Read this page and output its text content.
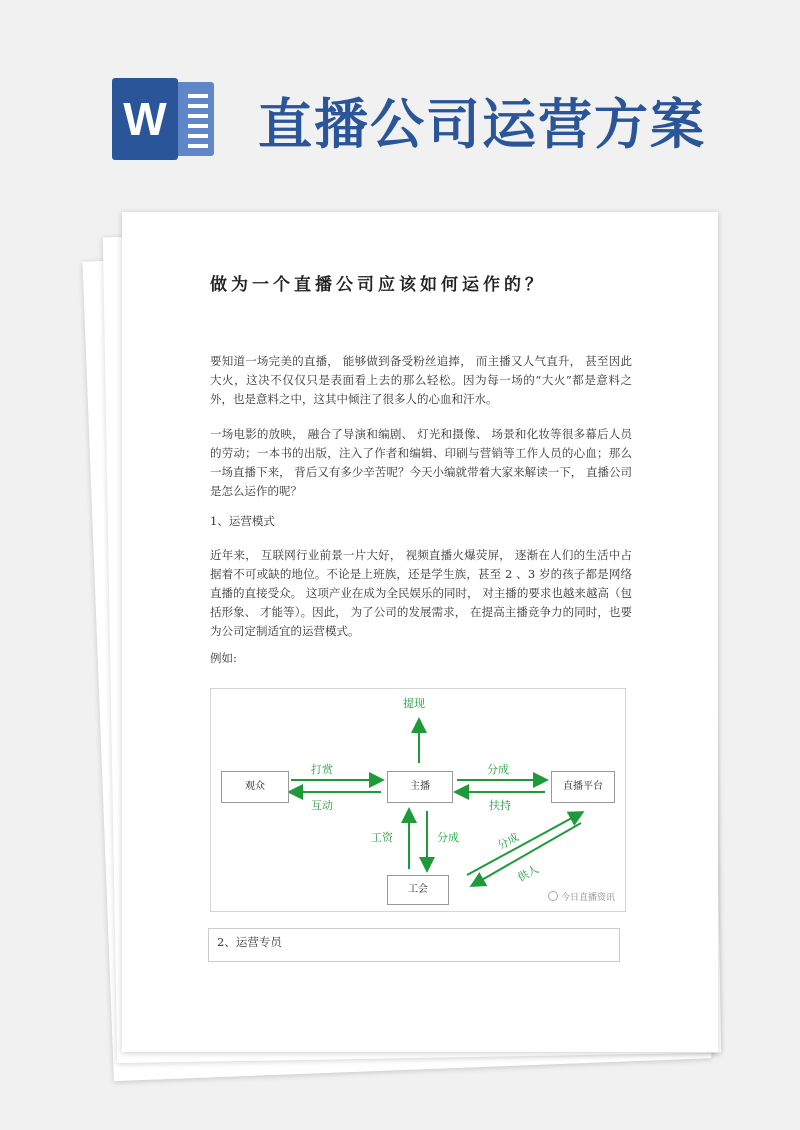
W 直播公司运营方案
做为一个直播公司应该如何运作的？

要知道一场完美的直播， 能够做到备受粉丝追捧， 而主播又人气直升， 甚至因此大火，这决不仅仅只是表面看上去的那么轻松。因为每一场的“大火”都是意料之外，也是意料之中，这其中倾注了很多人的心血和汗水。

一场电影的放映， 融合了导演和编剧、 灯光和摄像、 场景和化妆等很多幕后人员的劳动；一本书的出版，注入了作者和编辑、印刷与营销等工作人员的心血；那么一场直播下来， 背后又有多少辛苦呢？今天小编就带着大家来解读一下， 直播公司是怎么运作的呢？

1、运营模式

近年来， 互联网行业前景一片大好， 视频直播火爆荧屏， 逐渐在人们的生活中占据着不可或缺的地位。不论是上班族，还是学生族，甚至 2 、3 岁的孩子都是网络直播的直接受众。 这项产业在成为全民娱乐的同时， 对主播的要求也越来越高（包括形象、 才能等）。因此， 为了公司的发展需求， 在提高主播竞争力的同时，也要为公司定制适宜的运营模式。

例如:

观众	主播	直播平台
工会
提现
打赏
互动
分成
扶持
工资	分成	分成
供人
今日直播资讯
2、运营专员
